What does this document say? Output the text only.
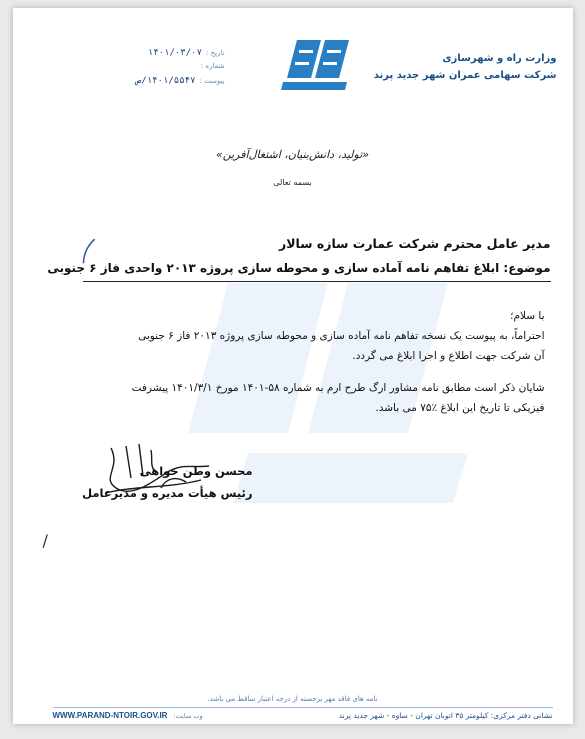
وزارت راه و شهرسازی
شرکت سهامی عمران شهر جدید پرند
تاریخ :
۱۴۰۱/۰۳/۰۷
شماره :
پیوست :
۱۴۰۱/۵۵۴۷/ص
«تولید، دانش‌بنیان، اشتغال‌آفرین»
بسمه تعالی
مدیر عامل محترم شرکت عمارت سازه سالار
موضوع: ابلاغ تفاهم نامه آماده سازی و محوطه سازی پروژه ۲۰۱۳ واحدی فاز ۶ جنوبی

با سلام؛

احتراماً، به پیوست یک نسخه تفاهم نامه آماده سازی و محوطه سازی پروژه ۲۰۱۳ فاز ۶ جنوبی

آن شرکت جهت اطلاع و اجرا ابلاغ می گردد.

شایان ذکر است مطابق نامه مشاور ارگ طرح ارم به شماره ۵۸-۱۴۰۱ مورخ ۱۴۰۱/۳/۱ پیشرفت

فیزیکی تا تاریخ این ابلاغ ٪۷۵ می باشد.

محسن وطن خواهی
رئیس هیأت مدیره و مدیرعامل
/
نامه های فاقد مهر برجسته از درجه اعتبار ساقط می باشد.
WWW.PARAND-NTOIR.GOV.IR وب سایت:	نشانی دفتر مرکزی: کیلومتر ۳۵ اتوبان تهران - ساوه - شهر جدید پرند
